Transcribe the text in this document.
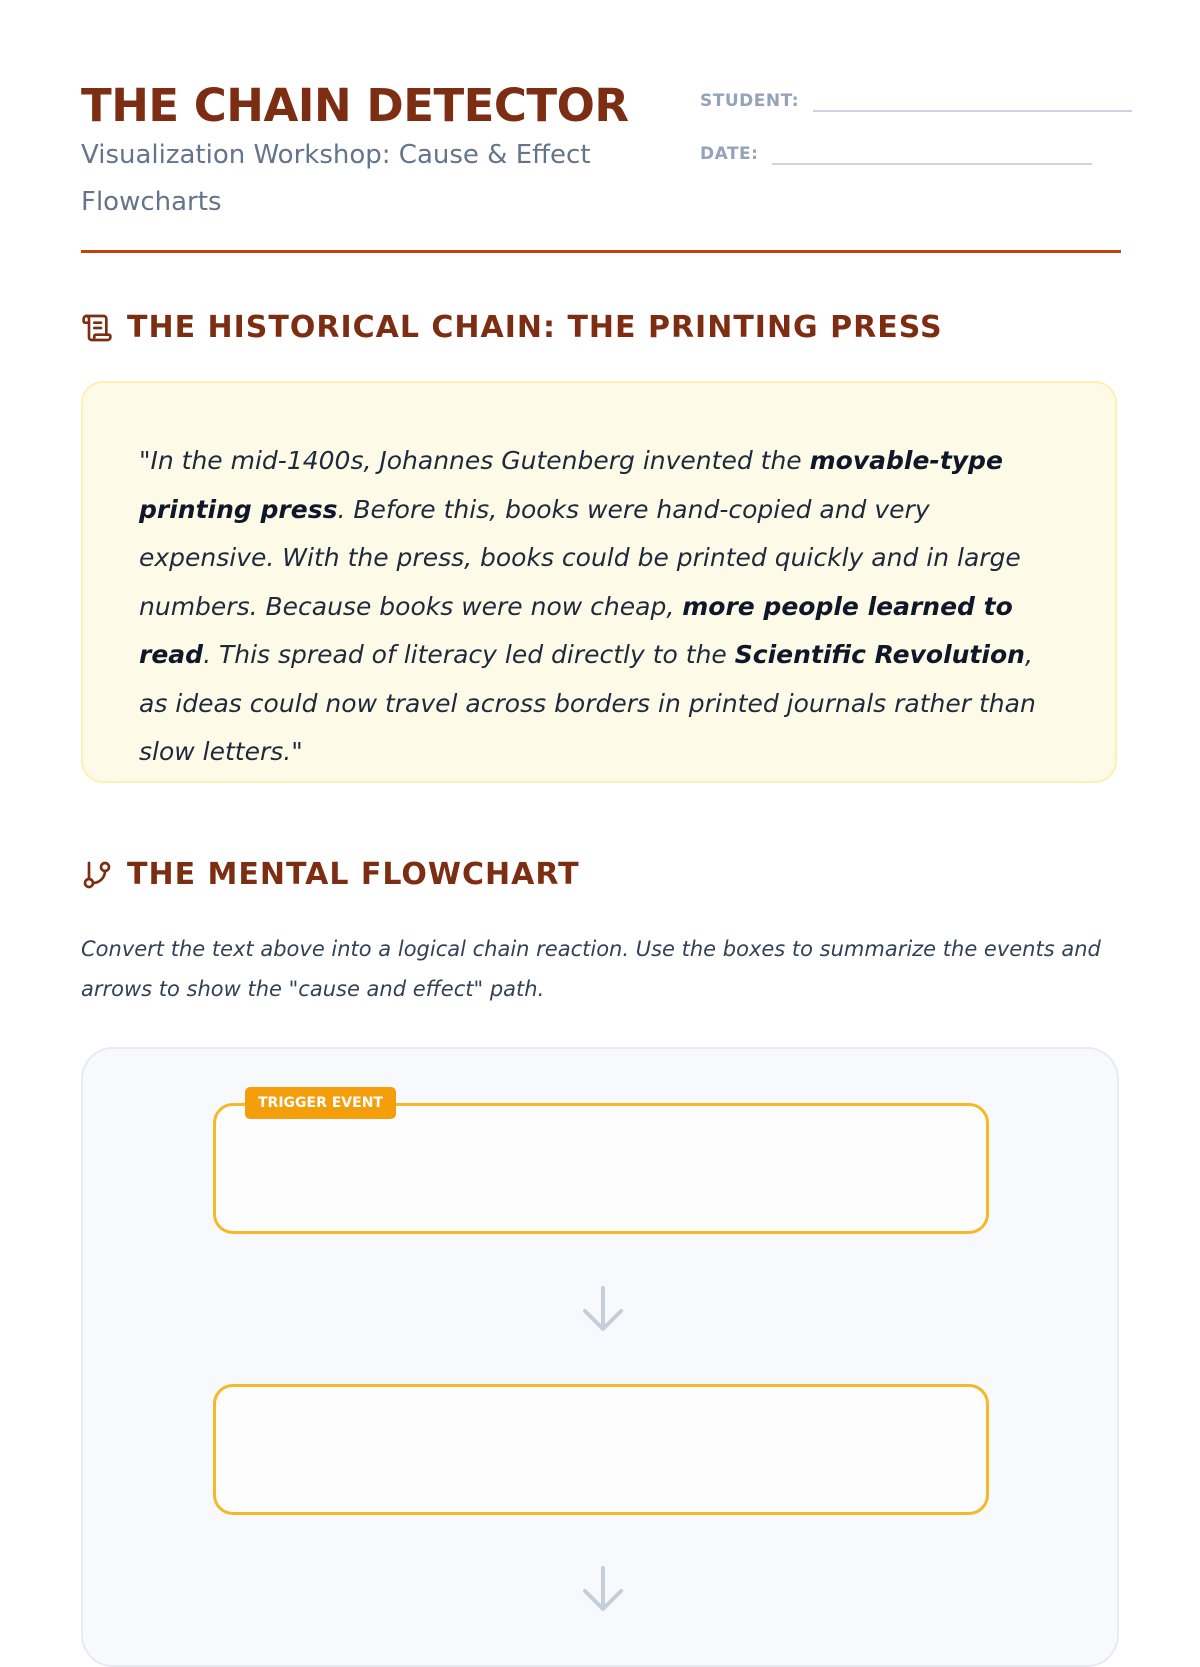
THE CHAIN DETECTOR
Visualization Workshop: Cause & Effect Flowcharts
STUDENT:
DATE:
THE HISTORICAL CHAIN: THE PRINTING PRESS
"In the mid-1400s, Johannes Gutenberg invented the movable-type printing press. Before this, books were hand-copied and very expensive. With the press, books could be printed quickly and in large numbers. Because books were now cheap, more people learned to read. This spread of literacy led directly to the Scientific Revolution, as ideas could now travel across borders in printed journals rather than slow letters."
THE MENTAL FLOWCHART
Convert the text above into a logical chain reaction. Use the boxes to summarize the events and arrows to show the "cause and effect" path.
TRIGGER EVENT
